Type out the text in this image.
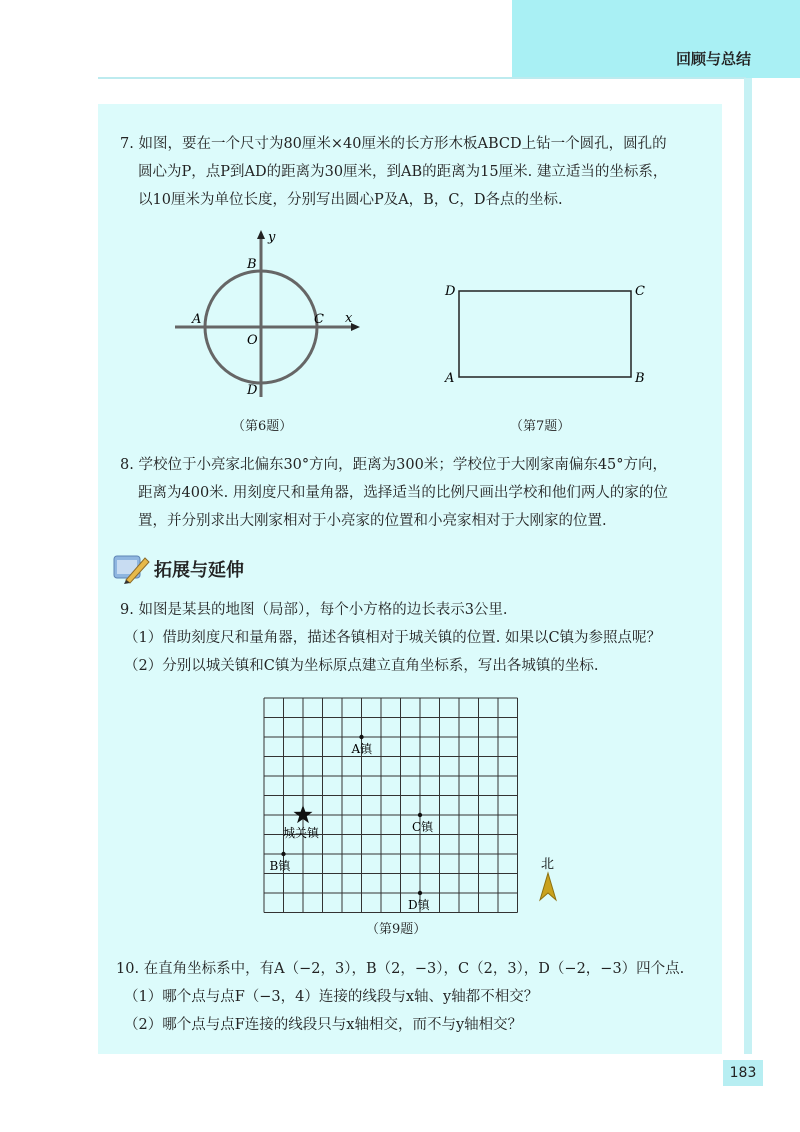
回顾与总结
7. 如图，要在一个尺寸为80厘米×40厘米的长方形木板ABCD上钻一个圆孔，圆孔的
圆心为P，点P到AD的距离为30厘米，到AB的距离为15厘米. 建立适当的坐标系，
以10厘米为单位长度，分别写出圆心P及A，B，C，D各点的坐标.
y
x
B
A	C
O
D
（第6题）
D	C
A	B
（第7题）
8. 学校位于小亮家北偏东30°方向，距离为300米；学校位于大刚家南偏东45°方向，
距离为400米. 用刻度尺和量角器，选择适当的比例尺画出学校和他们两人的家的位
置，并分别求出大刚家相对于小亮家的位置和小亮家相对于大刚家的位置.
拓展与延伸
9. 如图是某县的地图（局部），每个小方格的边长表示3公里.
（1）借助刻度尺和量角器，描述各镇相对于城关镇的位置. 如果以C镇为参照点呢？
（2）分别以城关镇和C镇为坐标原点建立直角坐标系，写出各城镇的坐标.
A镇
城关镇	C镇
B镇
D镇
北
（第9题）
10. 在直角坐标系中，有A（−2，3），B（2，−3），C（2，3），D（−2，−3）四个点.
（1）哪个点与点F（−3，4）连接的线段与x轴、y轴都不相交？
（2）哪个点与点F连接的线段只与x轴相交，而不与y轴相交？
183
